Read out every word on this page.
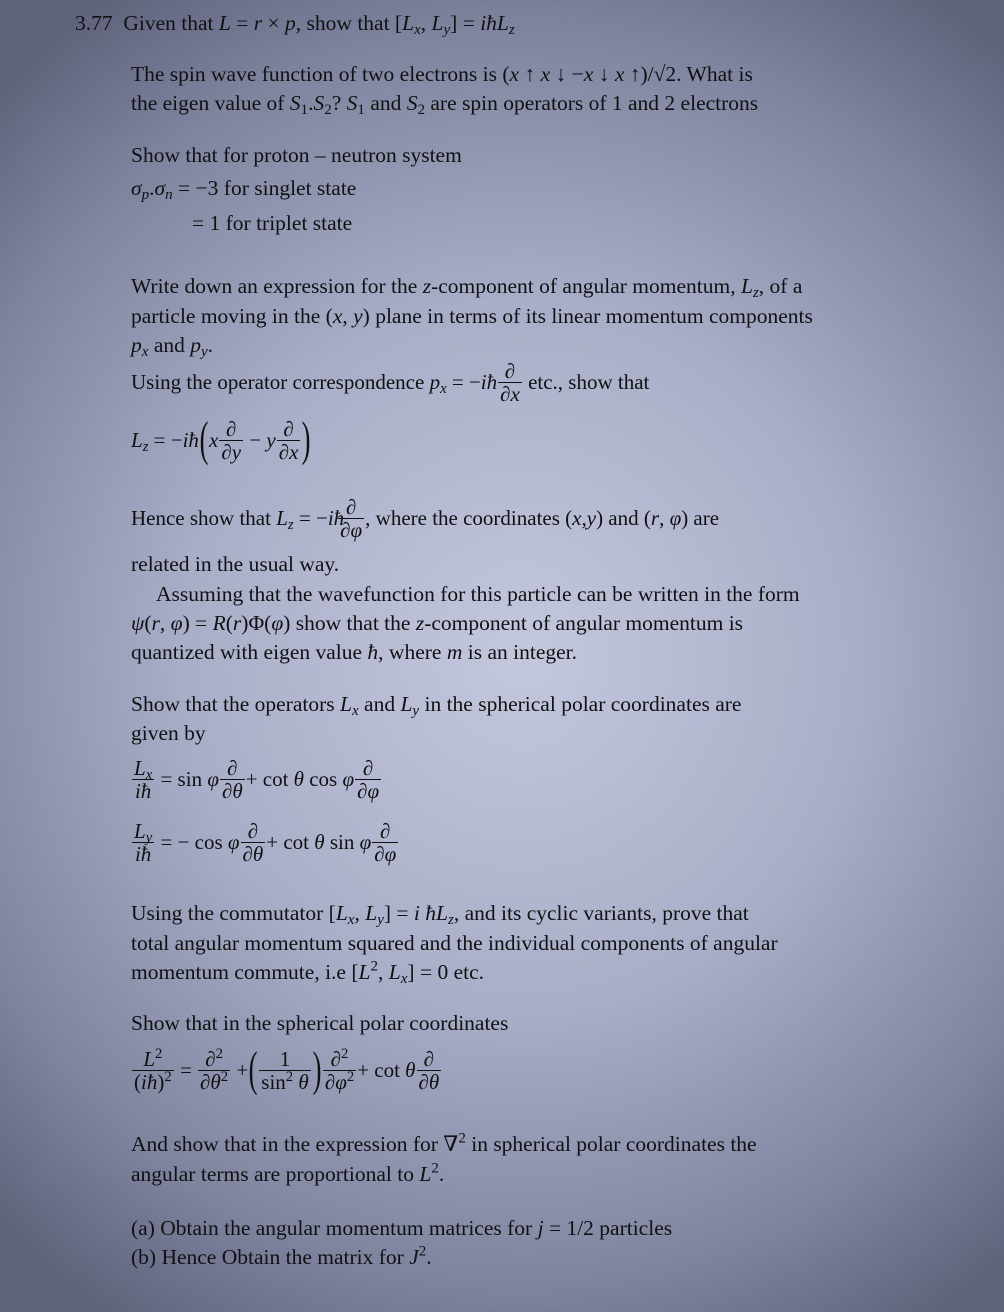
3.77  Given that L = r × p, show that [$L_x$, $L_y$] = iħL$_z$
The spin wave function of two electrons is (x ↑ x ↓ −x ↓ x ↑)/√2. What is
the eigen value of $S_1.S_2$? $S_1$ and $S_2$ are spin operators of 1 and 2 electrons
Show that for proton – neutron system
$\sigma_p.\sigma_n = -3$ for singlet state
= 1 for triplet state
Write down an expression for the z-component of angular momentum, $L_z$, of a
particle moving in the (x, y) plane in terms of its linear momentum components
$p_x$ and $p_y$.
Using the operator correspondence $p_x$ = −iħ $\frac{\partial}{\partial x}$ etc., show that
$L_z$ = −iħ ( x $\frac{\partial}{\partial y} - y \frac{\partial}{\partial x}$ )
Hence show that $L_z$ = −iħ
$\frac{\partial}{\partial\varphi}$ , where the coordinates (x,y) and (r, φ) are
related in the usual way.
Assuming that the wavefunction for this particle can be written in the form
ψ(r, φ) = R(r)Φ(φ) show that the z-component of angular momentum is
quantized with eigen value ħ, where m is an integer.
Show that the operators $L_x$ and $L_y$ in the spherical polar coordinates are
given by
$\frac{L_x}{iħ} = \sin \varphi \frac{\partial}{\partial\theta} + \cot \theta$ cos φ $\frac{\partial}{\partial\varphi}$
$\frac{L_y}{iħ}$ = − cos φ $\frac{\partial}{\partial\theta} + \cot \theta$ sin φ $\frac{\partial}{\partial\varphi}$
Using the commutator [$L_x$, $L_y] = i$ $ħL_z$, and its cyclic variants, prove that
total angular momentum squared and the individual components of angular
momentum commute, i.e [$L^2$, $L_x] = 0$ etc.
Show that in the spherical polar coordinates
$\frac{L^2}{(iħ)^2} = \frac{\partial^2}{\partial\theta^2}$ + ( $\frac{1}{\sin^2 \theta}$ ) $\frac{\partial^2}{\partial\varphi^2} + \cot \theta \frac{\partial}{\partial\theta}$
And show that in the expression for ∇$^2$ in spherical polar coordinates the
angular terms are proportional to $L^2$.
(a) Obtain the angular momentum matrices for j = 1/2 particles
(b) Hence Obtain the matrix for $J^2$.
